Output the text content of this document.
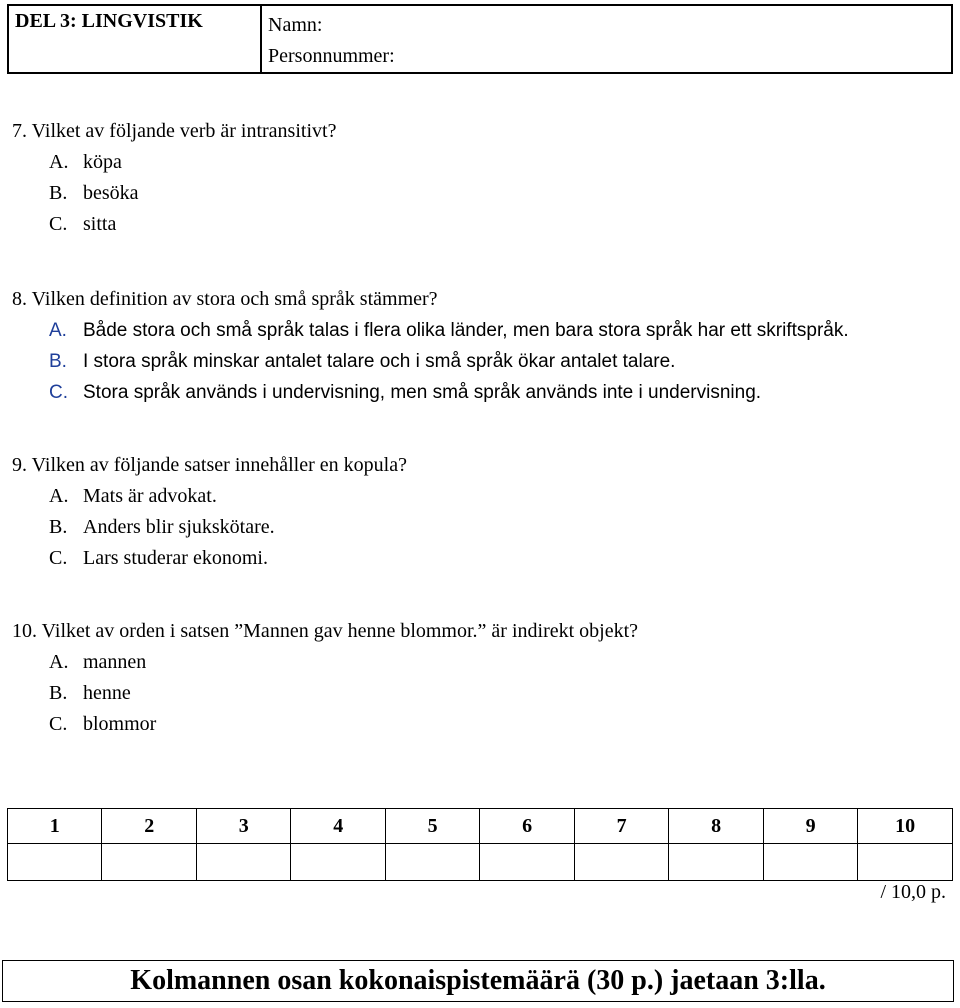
DEL 3: LINGVISTIK	Namn:
Personnummer:
7. Vilket av följande verb är intransitivt?
A. köpa
B. besöka
C. sitta
8. Vilken definition av stora och små språk stämmer?
A. Både stora och små språk talas i flera olika länder, men bara stora språk har ett skriftspråk.
B. I stora språk minskar antalet talare och i små språk ökar antalet talare.
C. Stora språk används i undervisning, men små språk används inte i undervisning.
9. Vilken av följande satser innehåller en kopula?
A. Mats är advokat.
B. Anders blir sjukskötare.
C. Lars studerar ekonomi.
10. Vilket av orden i satsen ”Mannen gav henne blommor.” är indirekt objekt?
A. mannen
B. henne
C. blommor
1	2	3	4	5	6	7	8	9	10

/ 10,0 p.
Kolmannen osan kokonaispistemäärä (30 p.) jaetaan 3:lla.
